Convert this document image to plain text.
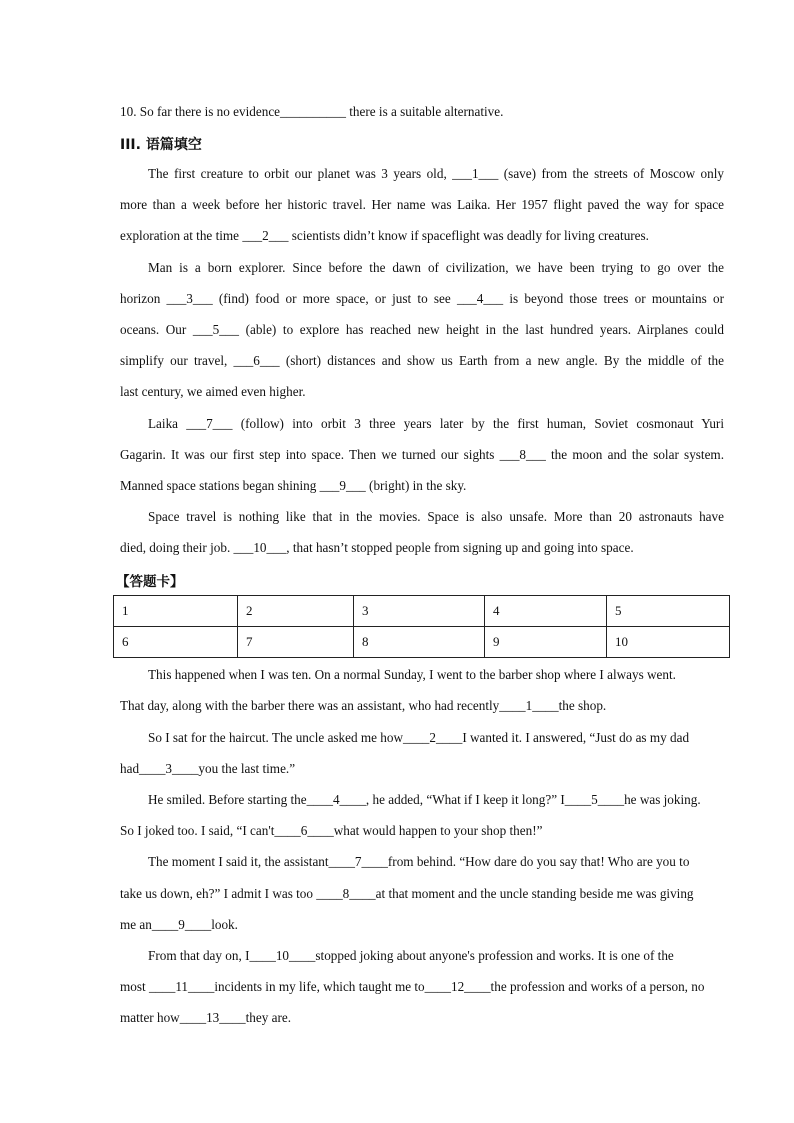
10. So far there is no evidence__________ there is a suitable alternative.
III. 语篇填空
The first creature to orbit our planet was 3 years old, ___1___ (save) from the streets of Moscow only
more than a week before her historic travel. Her name was Laika. Her 1957 flight paved the way for space
exploration at the time ___2___ scientists didn’t know if spaceflight was deadly for living creatures.
Man is a born explorer. Since before the dawn of civilization, we have been trying to go over the
horizon ___3___ (find) food or more space, or just to see ___4___ is beyond those trees or mountains or
oceans. Our ___5___ (able) to explore has reached new height in the last hundred years. Airplanes could
simplify our travel, ___6___ (short) distances and show us Earth from a new angle. By the middle of the
last century, we aimed even higher.
Laika ___7___ (follow) into orbit 3 three years later by the first human, Soviet cosmonaut Yuri
Gagarin. It was our first step into space. Then we turned our sights ___8___ the moon and the solar system.
Manned space stations began shining ___9___ (bright) in the sky.
Space travel is nothing like that in the movies. Space is also unsafe. More than 20 astronauts have
died, doing their job. ___10___, that hasn’t stopped people from signing up and going into space.
【答题卡】
1	2	3	4	5
6	7	8	9	10
This happened when I was ten. On a normal Sunday, I went to the barber shop where I always went.
That day, along with the barber there was an assistant, who had recently____1____the shop.
So I sat for the haircut. The uncle asked me how____2____I wanted it. I answered, “Just do as my dad
had____3____you the last time.”
He smiled. Before starting the____4____, he added, “What if I keep it long?” I____5____he was joking.
So I joked too. I said, “I can't____6____what would happen to your shop then!”
The moment I said it, the assistant____7____from behind. “How dare do you say that! Who are you to
take us down, eh?” I admit I was too ____8____at that moment and the uncle standing beside me was giving
me an____9____look.
From that day on, I____10____stopped joking about anyone's profession and works. It is one of the
most ____11____incidents in my life, which taught me to____12____the profession and works of a person, no
matter how____13____they are.
